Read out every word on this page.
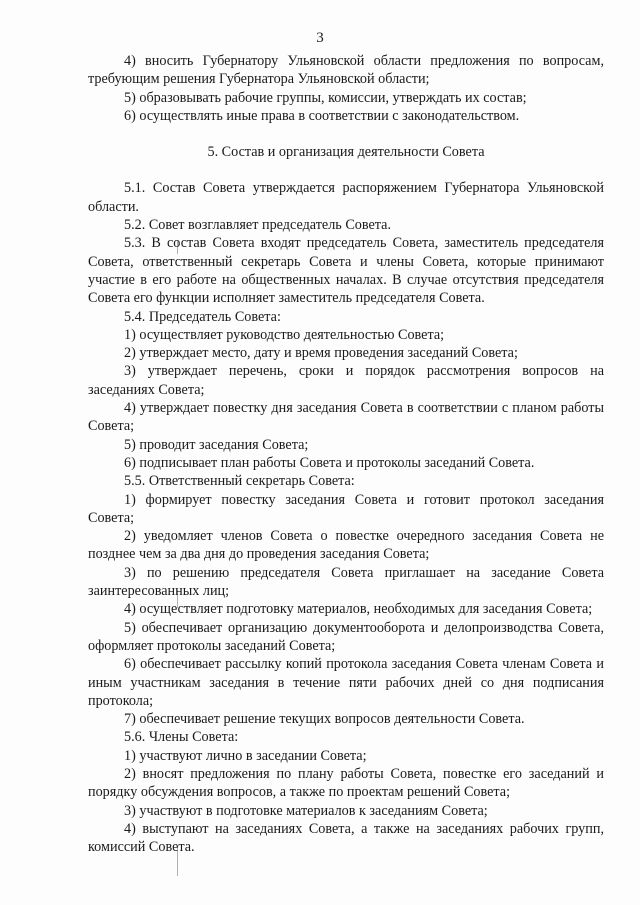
3

4) вносить Губернатору Ульяновской области предложения по вопросам, требующим решения Губернатора Ульяновской области;

5) образовывать рабочие группы, комиссии, утверждать их состав;

6) осуществлять иные права в соответствии с законодательством.

5. Состав и организация деятельности Совета

5.1. Состав Совета утверждается распоряжением Губернатора Ульяновской области.

5.2. Совет возглавляет председатель Совета.

5.3. В состав Совета входят председатель Совета, заместитель председателя Совета, ответственный секретарь Совета и члены Совета, которые принимают участие в его работе на общественных началах. В случае отсутствия председателя Совета его функции исполняет заместитель председателя Совета.

5.4. Председатель Совета:

1) осуществляет руководство деятельностью Совета;

2) утверждает место, дату и время проведения заседаний Совета;

3) утверждает перечень, сроки и порядок рассмотрения вопросов на заседаниях Совета;

4) утверждает повестку дня заседания Совета в соответствии с планом работы Совета;

5) проводит заседания Совета;

6) подписывает план работы Совета и протоколы заседаний Совета.

5.5. Ответственный секретарь Совета:

1) формирует повестку заседания Совета и готовит протокол заседания Совета;

2) уведомляет членов Совета о повестке очередного заседания Совета не позднее чем за два дня до проведения заседания Совета;

3) по решению председателя Совета приглашает на заседание Совета заинтересованных лиц;

4) осуществляет подготовку материалов, необходимых для заседания Совета;

5) обеспечивает организацию документооборота и делопроизводства Совета, оформляет протоколы заседаний Совета;

6) обеспечивает рассылку копий протокола заседания Совета членам Совета и иным участникам заседания в течение пяти рабочих дней со дня подписания протокола;

7) обеспечивает решение текущих вопросов деятельности Совета.

5.6. Члены Совета:

1) участвуют лично в заседании Совета;

2) вносят предложения по плану работы Совета, повестке его заседаний и порядку обсуждения вопросов, а также по проектам решений Совета;

3) участвуют в подготовке материалов к заседаниям Совета;

4) выступают на заседаниях Совета, а также на заседаниях рабочих групп, комиссий Совета.
